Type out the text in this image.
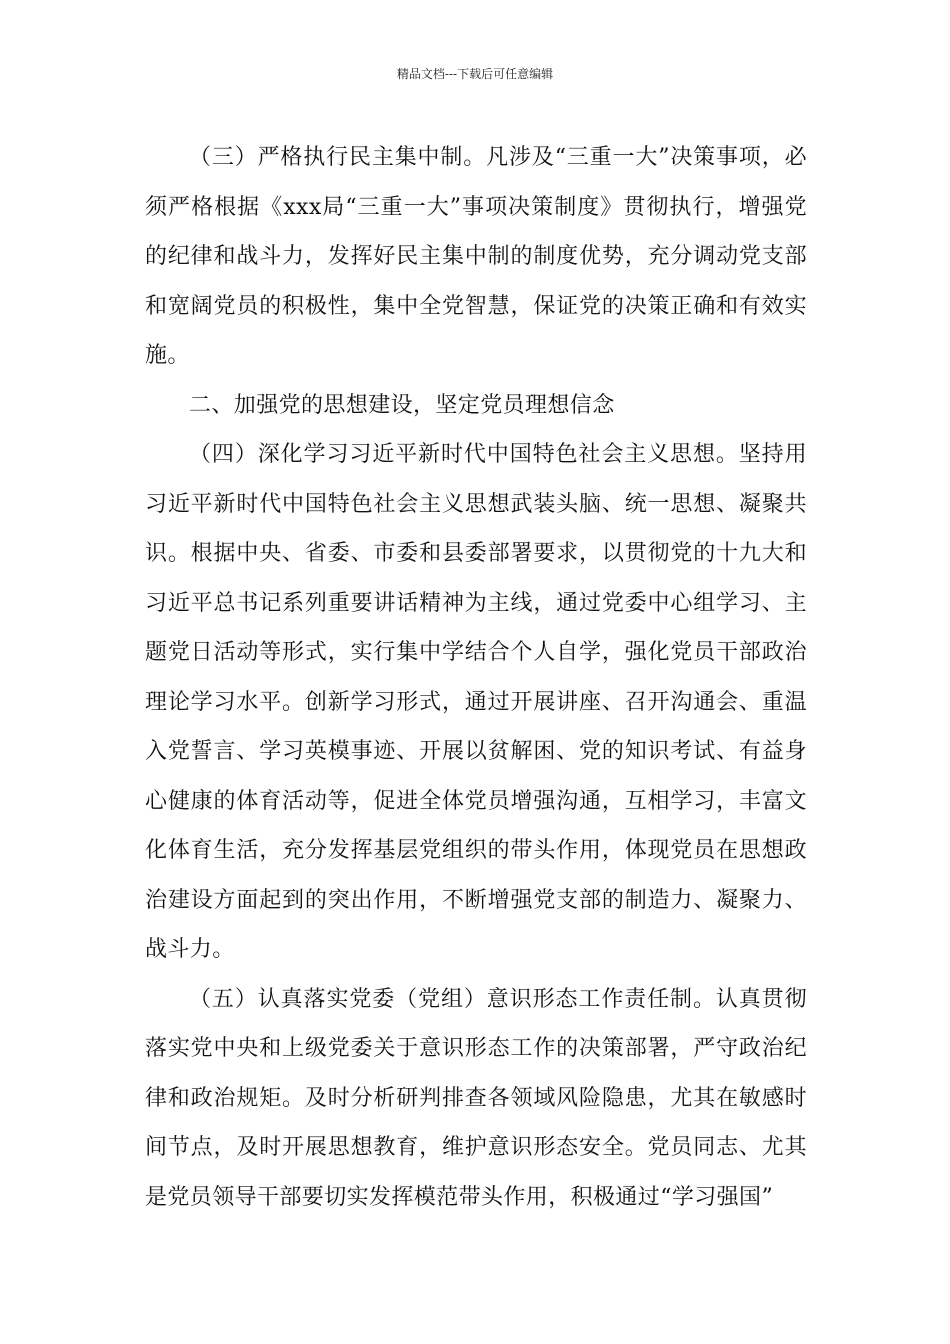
精品文档---下载后可任意编辑

（三）严格执行民主集中制。凡涉及“三重一大”决策事项，必须严格根据《xxx局“三重一大”事项决策制度》贯彻执行，增强党的纪律和战斗力，发挥好民主集中制的制度优势，充分调动党支部和宽阔党员的积极性，集中全党智慧，保证党的决策正确和有效实施。

二、加强党的思想建设，坚定党员理想信念

（四）深化学习习近平新时代中国特色社会主义思想。坚持用习近平新时代中国特色社会主义思想武装头脑、统一思想、凝聚共识。根据中央、省委、市委和县委部署要求，以贯彻党的十九大和习近平总书记系列重要讲话精神为主线，通过党委中心组学习、主题党日活动等形式，实行集中学结合个人自学，强化党员干部政治理论学习水平。创新学习形式，通过开展讲座、召开沟通会、重温入党誓言、学习英模事迹、开展以贫解困、党的知识考试、有益身心健康的体育活动等，促进全体党员增强沟通，互相学习，丰富文化体育生活，充分发挥基层党组织的带头作用，体现党员在思想政治建设方面起到的突出作用，不断增强党支部的制造力、凝聚力、战斗力。

（五）认真落实党委（党组）意识形态工作责任制。认真贯彻落实党中央和上级党委关于意识形态工作的决策部署，严守政治纪律和政治规矩。及时分析研判排查各领域风险隐患，尤其在敏感时间节点，及时开展思想教育，维护意识形态安全。党员同志、尤其是党员领导干部要切实发挥模范带头作用，积极通过“学习强国”
